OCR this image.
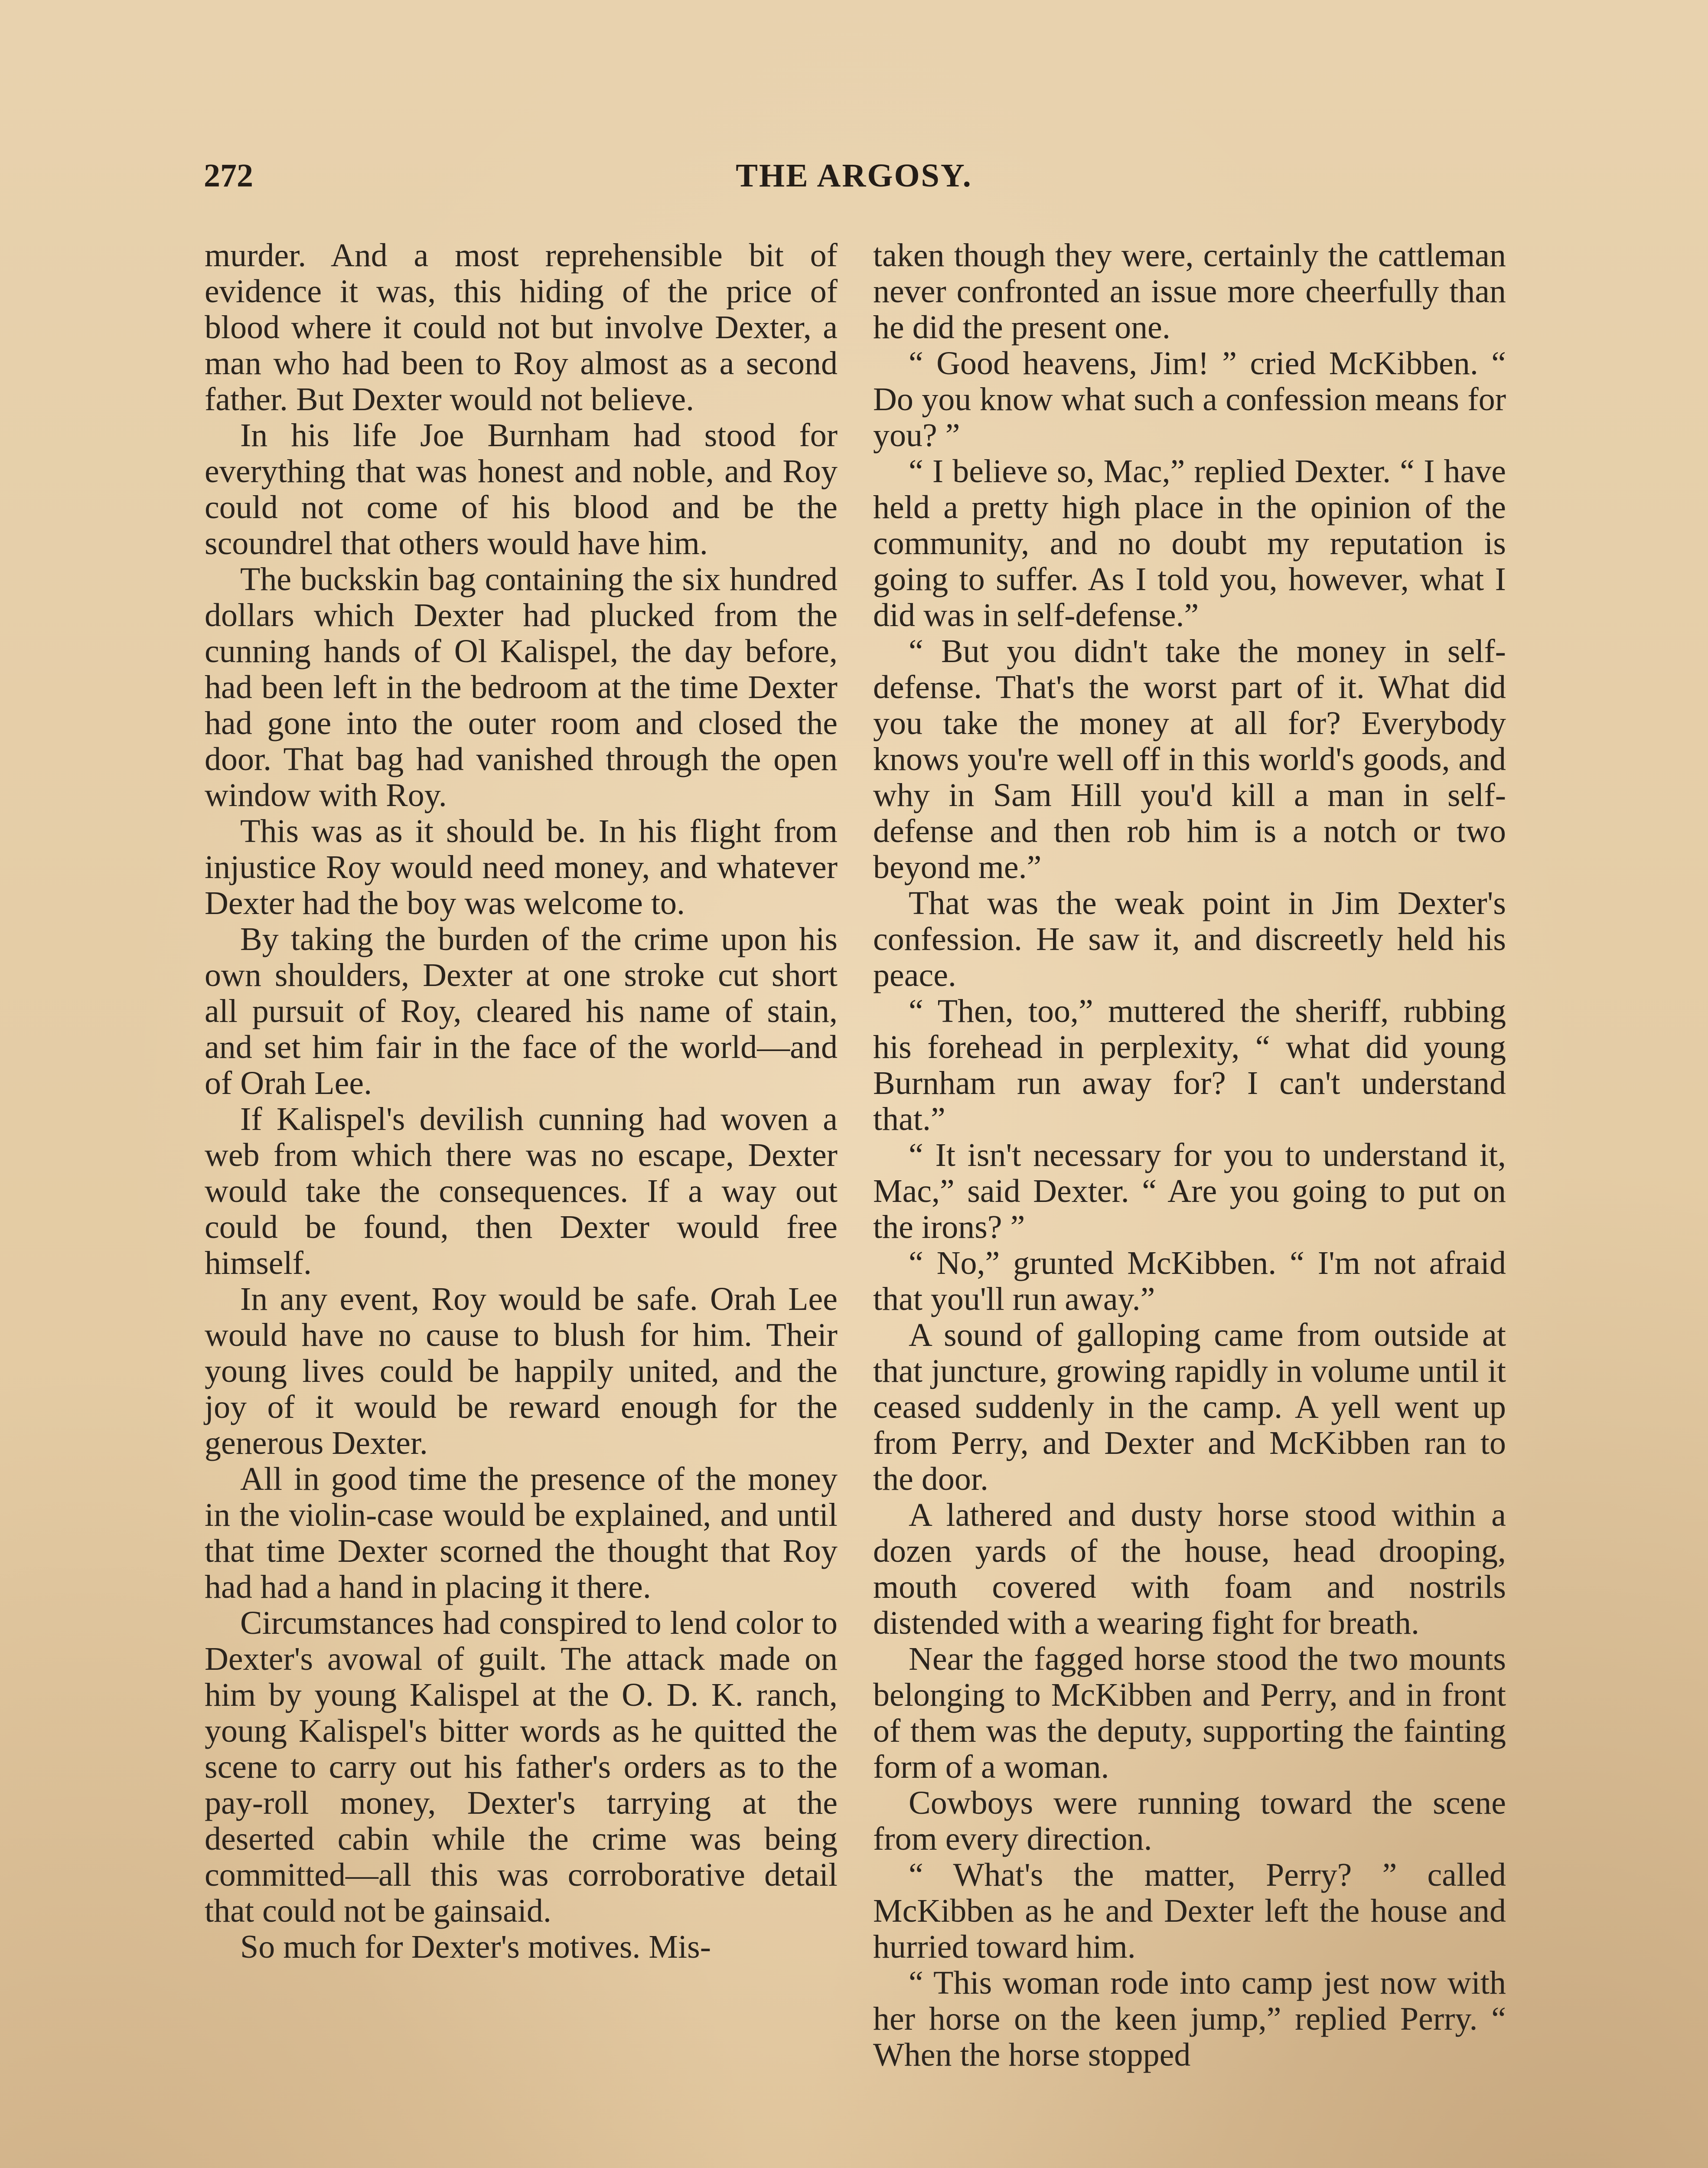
272	THE ARGOSY.

murder. And a most reprehensible bit of evidence it was, this hiding of the price of blood where it could not but involve Dexter, a man who had been to Roy almost as a second father. But Dexter would not believe.

In his life Joe Burnham had stood for everything that was honest and noble, and Roy could not come of his blood and be the scoundrel that others would have him.

The buckskin bag containing the six hundred dollars which Dexter had plucked from the cunning hands of Ol Kalispel, the day before, had been left in the bedroom at the time Dexter had gone into the outer room and closed the door. That bag had vanished through the open window with Roy.

This was as it should be. In his flight from injustice Roy would need money, and whatever Dexter had the boy was welcome to.

By taking the burden of the crime upon his own shoulders, Dexter at one stroke cut short all pursuit of Roy, cleared his name of stain, and set him fair in the face of the world—and of Orah Lee.

If Kalispel's devilish cunning had woven a web from which there was no escape, Dexter would take the consequences. If a way out could be found, then Dexter would free himself.

In any event, Roy would be safe. Orah Lee would have no cause to blush for him. Their young lives could be happily united, and the joy of it would be reward enough for the generous Dexter.

All in good time the presence of the money in the violin-case would be explained, and until that time Dexter scorned the thought that Roy had had a hand in placing it there.

Circumstances had conspired to lend color to Dexter's avowal of guilt. The attack made on him by young Kalispel at the O. D. K. ranch, young Kalispel's bitter words as he quitted the scene to carry out his father's orders as to the pay-roll money, Dexter's tarrying at the deserted cabin while the crime was being committed—all this was corroborative detail that could not be gainsaid.

So much for Dexter's motives. Mis-

taken though they were, certainly the cattleman never confronted an issue more cheerfully than he did the present one.

“ Good heavens, Jim! ” cried McKibben. “ Do you know what such a confession means for you? ”

“ I believe so, Mac,” replied Dexter. “ I have held a pretty high place in the opinion of the community, and no doubt my reputation is going to suffer. As I told you, however, what I did was in self-defense.”

“ But you didn't take the money in self-defense. That's the worst part of it. What did you take the money at all for? Everybody knows you're well off in this world's goods, and why in Sam Hill you'd kill a man in self-defense and then rob him is a notch or two beyond me.”

That was the weak point in Jim Dexter's confession. He saw it, and discreetly held his peace.

“ Then, too,” muttered the sheriff, rubbing his forehead in perplexity, “ what did young Burnham run away for? I can't understand that.”

“ It isn't necessary for you to understand it, Mac,” said Dexter. “ Are you going to put on the irons? ”

“ No,” grunted McKibben. “ I'm not afraid that you'll run away.”

A sound of galloping came from outside at that juncture, growing rapidly in volume until it ceased suddenly in the camp. A yell went up from Perry, and Dexter and McKibben ran to the door.

A lathered and dusty horse stood within a dozen yards of the house, head drooping, mouth covered with foam and nostrils distended with a wearing fight for breath.

Near the fagged horse stood the two mounts belonging to McKibben and Perry, and in front of them was the deputy, supporting the fainting form of a woman.

Cowboys were running toward the scene from every direction.

“ What's the matter, Perry? ” called McKibben as he and Dexter left the house and hurried toward him.

“ This woman rode into camp jest now with her horse on the keen jump,” replied Perry. “ When the horse stopped
